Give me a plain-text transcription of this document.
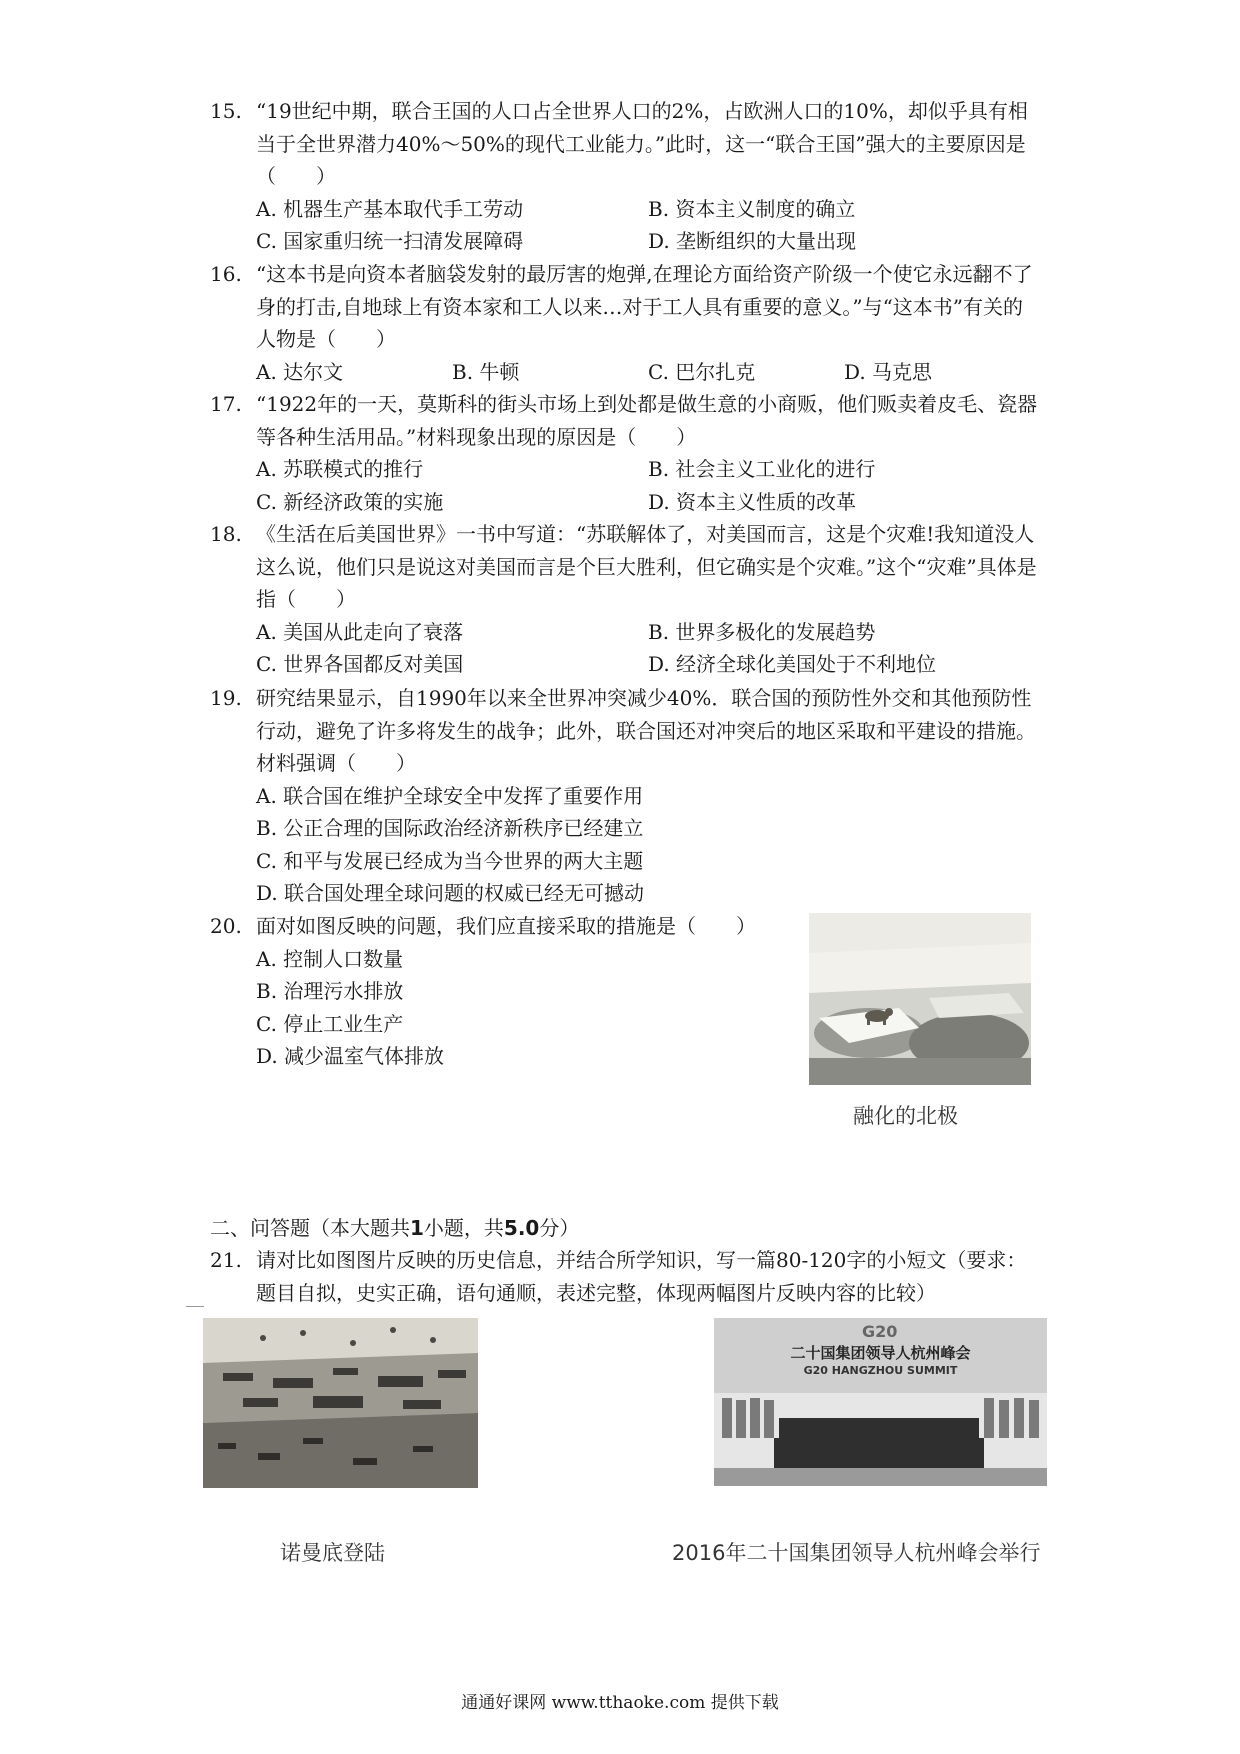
15. “19世纪中期，联合王国的人口占全世界人口的2%，占欧洲人口的10%，却似乎具有相当于全世界潜力40%～50%的现代工业能力。”此时，这一“联合王国”强大的主要原因是（　　）
A. 机器生产基本取代手工劳动	B. 资本主义制度的确立
C. 国家重归统一扫清发展障碍	D. 垄断组织的大量出现
16. “这本书是向资本者脑袋发射的最厉害的炮弹,在理论方面给资产阶级一个使它永远翻不了身的打击,自地球上有资本家和工人以来…对于工人具有重要的意义。”与“这本书”有关的人物是（　　）
A. 达尔文	B. 牛顿	C. 巴尔扎克	D. 马克思
17. “1922年的一天，莫斯科的街头市场上到处都是做生意的小商贩，他们贩卖着皮毛、瓷器等各种生活用品。”材料现象出现的原因是（　　）
A. 苏联模式的推行	B. 社会主义工业化的进行
C. 新经济政策的实施	D. 资本主义性质的改革
18. 《生活在后美国世界》一书中写道：“苏联解体了，对美国而言，这是个灾难!我知道没人这么说，他们只是说这对美国而言是个巨大胜利，但它确实是个灾难。”这个“灾难”具体是指（　　）
A. 美国从此走向了衰落	B. 世界多极化的发展趋势
C. 世界各国都反对美国	D. 经济全球化美国处于不利地位
19. 研究结果显示，自1990年以来全世界冲突减少40%．联合国的预防性外交和其他预防性行动，避免了许多将发生的战争；此外，联合国还对冲突后的地区采取和平建设的措施。材料强调（　　）
A. 联合国在维护全球安全中发挥了重要作用
B. 公正合理的国际政治经济新秩序已经建立
C. 和平与发展已经成为当今世界的两大主题
D. 联合国处理全球问题的权威已经无可撼动
20. 面对如图反映的问题，我们应直接采取的措施是（　　）
A. 控制人口数量
B. 治理污水排放
C. 停止工业生产
D. 减少温室气体排放
融化的北极
二、问答题（本大题共1小题，共5.0分）
21. 请对比如图图片反映的历史信息，并结合所学知识，写一篇80-120字的小短文（要求：题目自拟，史实正确，语句通顺，表述完整，体现两幅图片反映内容的比较）
诺曼底登陆
G20
二十国集团领导人杭州峰会
G20 HANGZHOU SUMMIT
2016年二十国集团领导人杭州峰会举行
通通好课网 www.tthaoke.com 提供下载
